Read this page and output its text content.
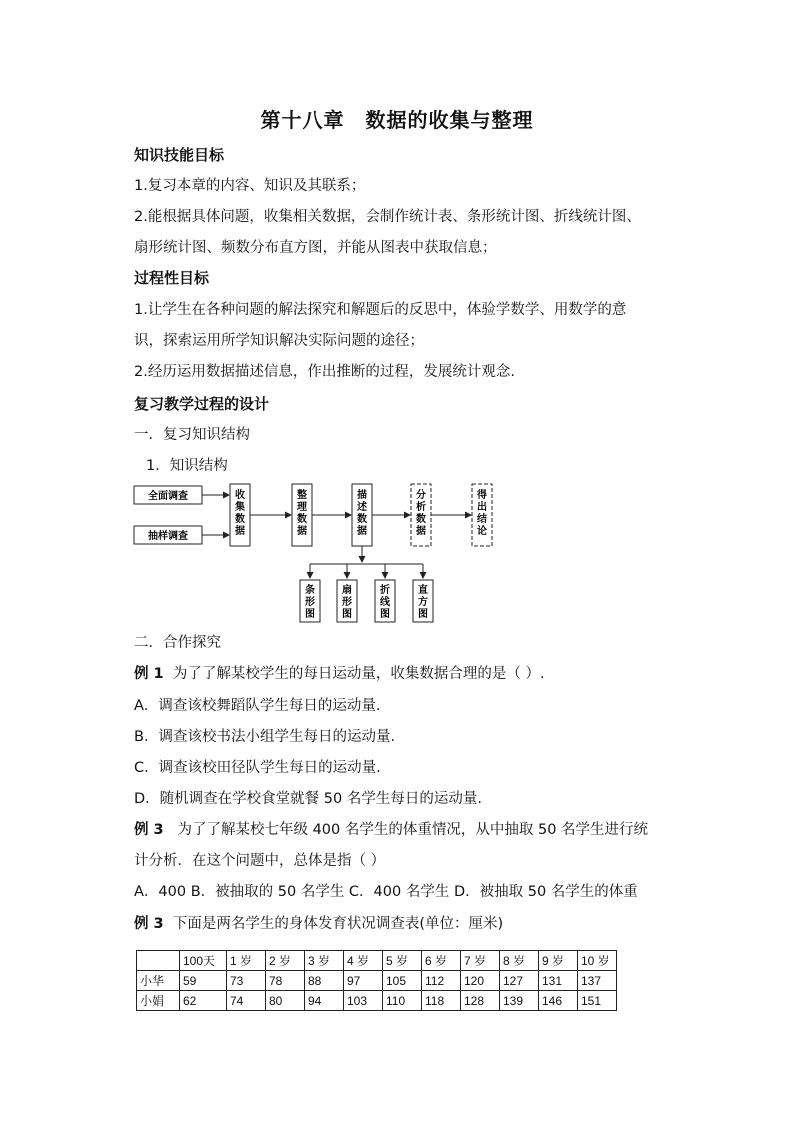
第十八章　数据的收集与整理
知识技能目标
1.复习本章的内容、知识及其联系；
2.能根据具体问题，收集相关数据，会制作统计表、条形统计图、折线统计图、
扇形统计图、频数分布直方图，并能从图表中获取信息；
过程性目标
1.让学生在各种问题的解法探究和解题后的反思中，体验学数学、用数学的意
识，探索运用所学知识解决实际问题的途径；
2.经历运用数据描述信息，作出推断的过程，发展统计观念.
复习教学过程的设计
一．复习知识结构
1．知识结构
全面调查
抽样调查
收集数据
整理数据
描述数据
分析数据
得出结论
条形图
扇形图
折线图
直方图
二．合作探究
例 1 为了了解某校学生的每日运动量，收集数据合理的是（ ）.
A．调查该校舞蹈队学生每日的运动量.
B．调查该校书法小组学生每日的运动量.
C．调查该校田径队学生每日的运动量.
D．随机调查在学校食堂就餐 50 名学生每日的运动量.
例 3 为了了解某校七年级 400 名学生的体重情况，从中抽取 50 名学生进行统
计分析．在这个问题中，总体是指（ ）
A．400 B．被抽取的 50 名学生 C．400 名学生 D．被抽取 50 名学生的体重
例 3 下面是两名学生的身体发育状况调查表(单位：厘米)
	100天	1 岁	2 岁	3 岁	4 岁	5 岁	6 岁	7 岁	8 岁	9 岁	10 岁
小华	59	73	78	88	97	105	112	120	127	131	137
小娟	62	74	80	94	103	110	118	128	139	146	151
